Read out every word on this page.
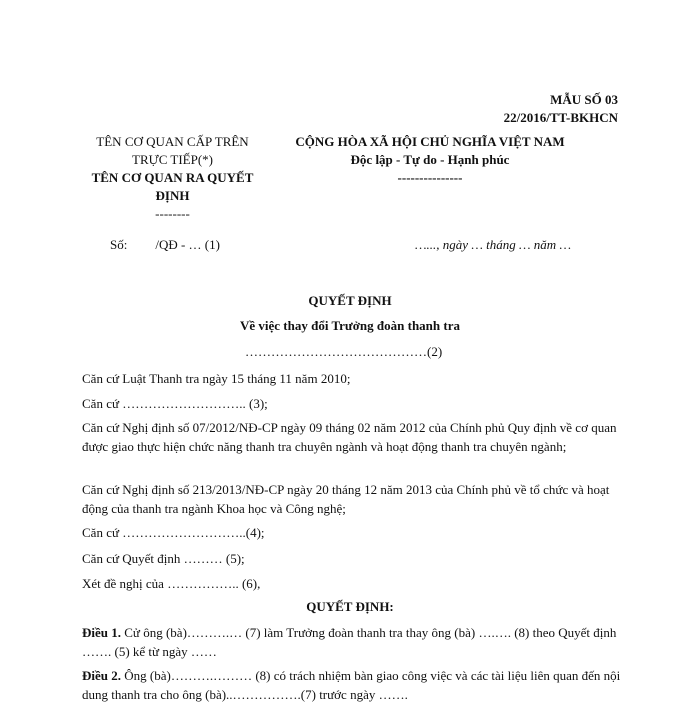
MẪU SỐ 03
22/2016/TT-BKHCN
TÊN CƠ QUAN CẤP TRÊN TRỰC TIẾP(*)
TÊN CƠ QUAN RA QUYẾT ĐỊNH
--------
CỘNG HÒA XÃ HỘI CHỦ NGHĨA VIỆT NAM
Độc lập - Tự do - Hạnh phúc
---------------
Số: /QĐ - … (1)	…..., ngày … tháng … năm …
QUYẾT ĐỊNH
Về việc thay đổi Trưởng đoàn thanh tra
……………………………………(2)
Căn cứ Luật Thanh tra ngày 15 tháng 11 năm 2010;
Căn cứ ……………………….. (3);
Căn cứ Nghị định số 07/2012/NĐ-CP ngày 09 tháng 02 năm 2012 của Chính phủ Quy định về cơ quan được giao thực hiện chức năng thanh tra chuyên ngành và hoạt động thanh tra chuyên ngành;
Căn cứ Nghị định số 213/2013/NĐ-CP ngày 20 tháng 12 năm 2013 của Chính phủ về tổ chức và hoạt động của thanh tra ngành Khoa học và Công nghệ;
Căn cứ ………………………..(4);
Căn cứ Quyết định ……… (5);
Xét đề nghị của …………….. (6),
QUYẾT ĐỊNH:
Điều 1. Cử ông (bà)……….… (7) làm Trưởng đoàn thanh tra thay ông (bà) ….…. (8) theo Quyết định ……. (5) kể từ ngày ……
Điều 2. Ông (bà)……….……… (8) có trách nhiệm bàn giao công việc và các tài liệu liên quan đến nội dung thanh tra cho ông (bà)..…………….(7) trước ngày …….
